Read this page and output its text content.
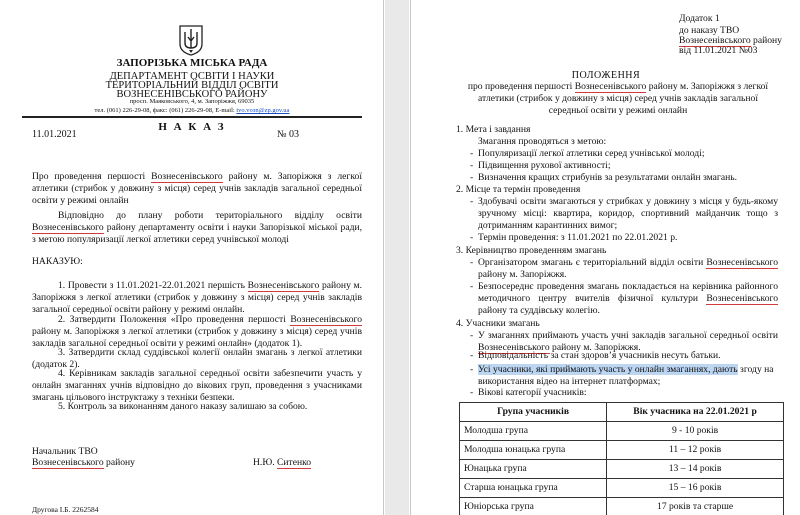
ЗАПОРІЗЬКА МІСЬКА РАДА
ДЕПАРТАМЕНТ ОСВІТИ І НАУКИ
ТЕРИТОРІАЛЬНИЙ ВІДДІЛ ОСВІТИ
ВОЗНЕСЕНІВСЬКОГО РАЙОНУ
просп. Маяковського, 4, м. Запоріжжя, 69035
тел. (061) 226-29-08, факс: (061) 226-29-08, E-mail: tvo.voзn@zp.gov.ua
Н А К А З
11.01.2021	№ 03
Про проведення першості Вознесенівського району м. Запоріжжя з легкої атлетики (стрибок у довжину з місця) серед учнів закладів загальної середньої освіти у режимі онлайн
Відповідно до плану роботи територіального відділу освіти Вознесенівського району департаменту освіти і науки Запорізької міської ради, з метою популяризації легкої атлетики серед учнівської молоді
НАКАЗУЮ:
1. Провести з 11.01.2021-22.01.2021 першість Вознесенівського району м. Запоріжжя з легкої атлетики (стрибок у довжину з місця) серед учнів закладів загальної середньої освіти району у режимі онлайн.
2. Затвердити Положення «Про проведення першості Вознесенівського району м. Запоріжжя з легкої атлетики (стрибок у довжину з місця) серед учнів закладів загальної середньої освіти у режимі онлайн» (додаток 1).
3. Затвердити склад суддівської колегії онлайн змагань з легкої атлетики (додаток 2).
4. Керівникам закладів загальної середньої освіти забезпечити участь у онлайн змаганнях учнів відповідно до вікових груп, проведення з учасниками змагань цільового інструктажу з техніки безпеки.
5. Контроль за виконанням даного наказу залишаю за собою.
Начальник ТВО
Вознесенівського району	Н.Ю. Ситенко
Другова І.Б. 2262584
Додаток 1
до наказу ТВО
Вознесенівського району
від 11.01.2021 №03
ПОЛОЖЕННЯ
про проведення першості Вознесенівського району м. Запоріжжя з легкої атлетики (стрибок у довжину з місця) серед учнів закладів загальної середньої освіти у режимі онлайн
1. Мета і завдання
Змагання проводяться з метою:
- Популяризації легкої атлетики серед учнівської молоді;
- Підвищення рухової активності;
- Визначення кращих стрибунів за результатами онлайн змагань.
2. Місце та термін проведення
- Здобувачі освіти змагаються у стрибках у довжину з місця у будь-якому зручному місці: квартира, коридор, спортивний майданчик тощо з дотриманням карантинних вимог;
- Термін проведення: з 11.01.2021 по 22.01.2021 р.
3. Керівництво проведенням змагань
- Організатором змагань є територіальний відділ освіти Вознесенівського району м. Запоріжжя.
- Безпосереднє проведення змагань покладається на керівника районного методичного центру вчителів фізичної культури Вознесенівського району та суддівську колегію.
4. Учасники змагань
- У змаганнях приймають участь учні закладів загальної середньої освіти Вознесенівського району м. Запоріжжя.
- Відповідальність за стан здоров’я учасників несуть батьки.
- Усі учасники, які приймають участь у онлайн змаганнях, дають згоду на використання відео на інтернет платформах;
- Вікові категорії учасників:
Група учасників	Вік учасника на 22.01.2021 р
Молодша група	9 - 10 років
Молодша юнацька група	11 – 12 років
Юнацька група	13 – 14 років
Старша юнацька група	15 – 16 років
Юніорська група	17 років та старше
